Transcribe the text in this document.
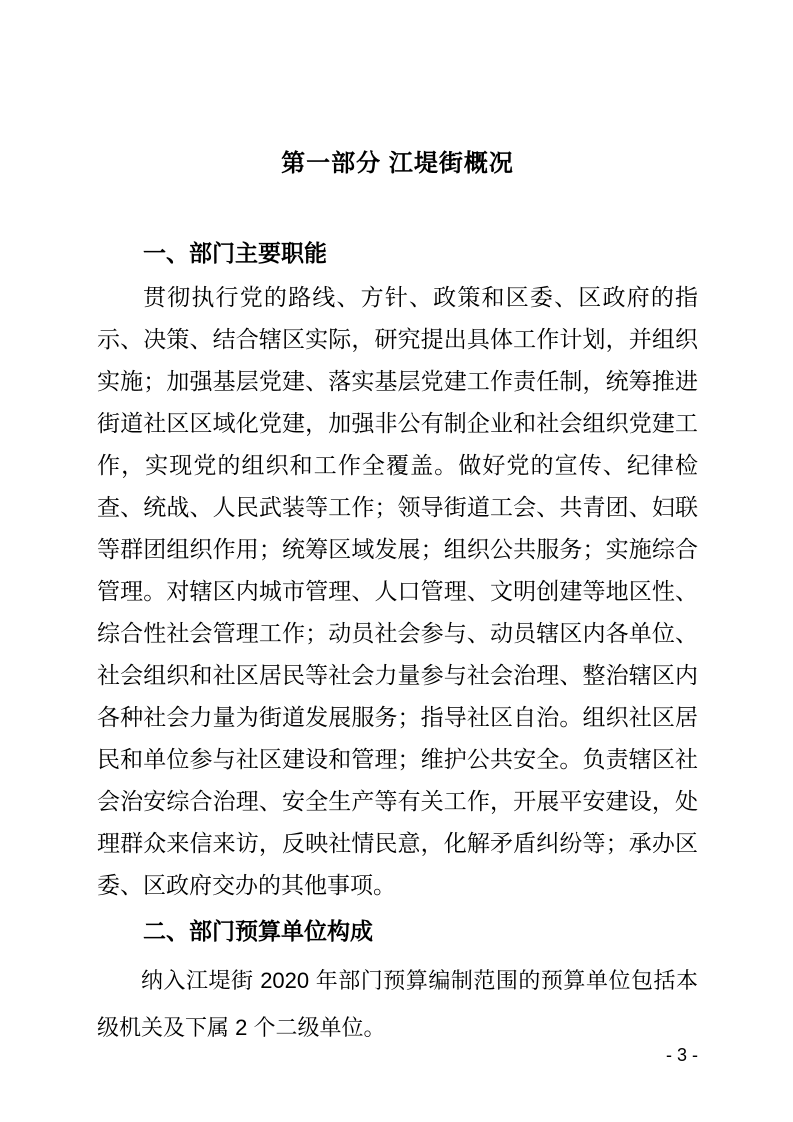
第一部分 江堤街概况
一、部门主要职能

贯彻执行党的路线、方针、政策和区委、区政府的指示、决策、结合辖区实际，研究提出具体工作计划，并组织实施；加强基层党建、落实基层党建工作责任制，统筹推进街道社区区域化党建，加强非公有制企业和社会组织党建工作，实现党的组织和工作全覆盖。做好党的宣传、纪律检查、统战、人民武装等工作；领导街道工会、共青团、妇联等群团组织作用；统筹区域发展；组织公共服务；实施综合管理。对辖区内城市管理、人口管理、文明创建等地区性、综合性社会管理工作；动员社会参与、动员辖区内各单位、社会组织和社区居民等社会力量参与社会治理、整治辖区内各种社会力量为街道发展服务；指导社区自治。组织社区居民和单位参与社区建设和管理；维护公共安全。负责辖区社会治安综合治理、安全生产等有关工作，开展平安建设，处理群众来信来访，反映社情民意，化解矛盾纠纷等；承办区委、区政府交办的其他事项。

二、部门预算单位构成

纳入江堤街 2020 年部门预算编制范围的预算单位包括本级机关及下属 2 个二级单位。

- 3 -
